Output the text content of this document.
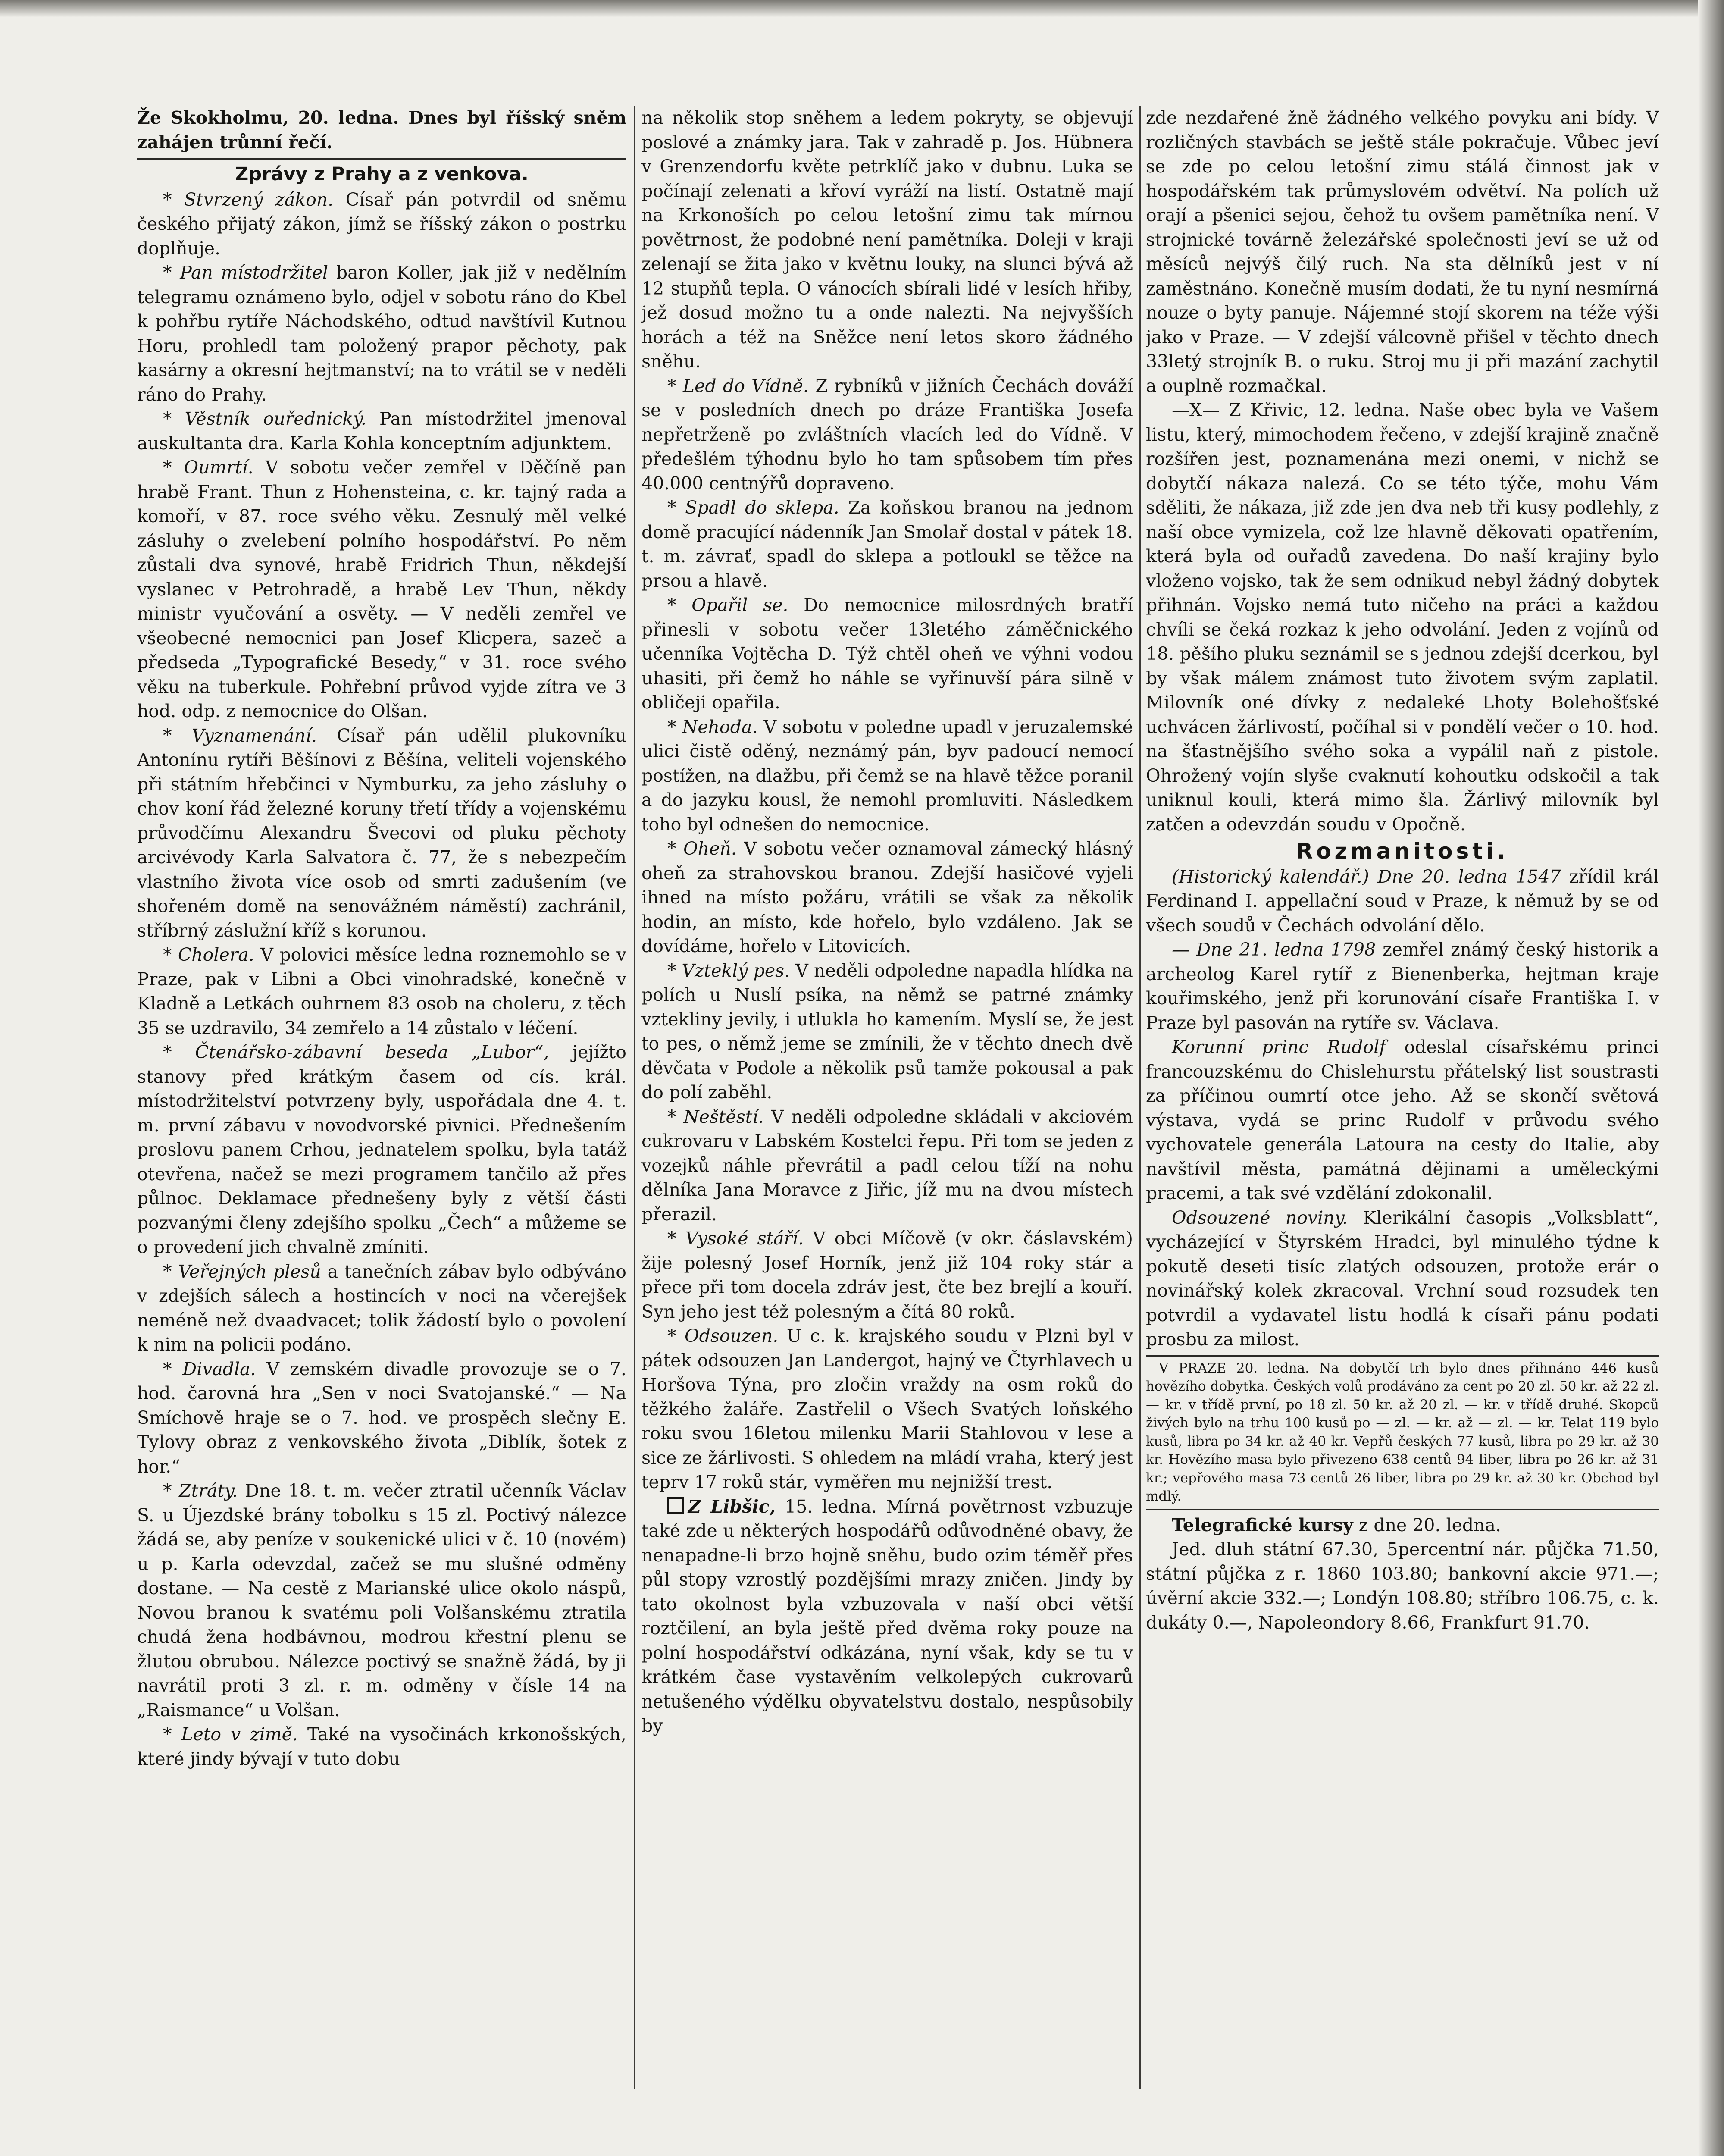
Že Skokholmu, 20. ledna. Dnes byl říšský sněm zahájen trůnní řečí.

Zprávy z Prahy a z venkova.

* Stvrzený zákon. Císař pán potvrdil od sněmu českého přijatý zákon, jímž se říšský zákon o postrku doplňuje.

* Pan místodržitel baron Koller, jak již v nedělním telegramu oznámeno bylo, odjel v sobotu ráno do Kbel k pohřbu rytíře Náchodského, odtud navštívil Kutnou Horu, prohledl tam položený prapor pěchoty, pak kasárny a okresní hejtmanství; na to vrátil se v neděli ráno do Prahy.

* Věstník ouřednický. Pan místodržitel jmenoval auskultanta dra. Karla Kohla konceptním adjunktem.

* Oumrtí. V sobotu večer zemřel v Děčíně pan hrabě Frant. Thun z Hohensteina, c. kr. tajný rada a komoří, v 87. roce svého věku. Zesnulý měl velké zásluhy o zvelebení polního hospodářství. Po něm zůstali dva synové, hrabě Fridrich Thun, někdejší vyslanec v Petrohradě, a hrabě Lev Thun, někdy ministr vyučování a osvěty. — V neděli zemřel ve všeobecné nemocnici pan Josef Klicpera, sazeč a předseda „Typografické Besedy,“ v 31. roce svého věku na tuberkule. Pohřební průvod vyjde zítra ve 3 hod. odp. z nemocnice do Olšan.

* Vyznamenání. Císař pán udělil plukovníku Antonínu rytíři Běšínovi z Běšína, veliteli vojenského při státním hřebčinci v Nymburku, za jeho zásluhy o chov koní řád železné koruny třetí třídy a vojenskému průvodčímu Alexandru Švecovi od pluku pěchoty arcivévody Karla Salvatora č. 77, že s nebezpečím vlastního života více osob od smrti zadušením (ve shořeném domě na senovážném náměstí) zachránil, stříbrný záslužní kříž s korunou.

* Cholera. V polovici měsíce ledna roznemohlo se v Praze, pak v Libni a Obci vinohradské, konečně v Kladně a Letkách ouhrnem 83 osob na choleru, z těch 35 se uzdravilo, 34 zemřelo a 14 zůstalo v léčení.

* Čtenářsko-zábavní beseda „Lubor“, jejížto stanovy před krátkým časem od cís. král. místodržitelství potvrzeny byly, uspořádala dne 4. t. m. první zábavu v novodvorské pivnici. Přednešením proslovu panem Crhou, jednatelem spolku, byla tatáž otevřena, načež se mezi programem tančilo až přes půlnoc. Deklamace přednešeny byly z větší části pozvanými členy zdejšího spolku „Čech“ a můžeme se o provedení jich chvalně zmíniti.

* Veřejných plesů a tanečních zábav bylo odbýváno v zdejších sálech a hostincích v noci na včerejšek neméně než dvaadvacet; tolik žádostí bylo o povolení k nim na policii podáno.

* Divadla. V zemském divadle provozuje se o 7. hod. čarovná hra „Sen v noci Svatojanské.“ — Na Smíchově hraje se o 7. hod. ve prospěch slečny E. Tylovy obraz z venkovského života „Diblík, šotek z hor.“

* Ztráty. Dne 18. t. m. večer ztratil učenník Václav S. u Újezdské brány tobolku s 15 zl. Poctivý nálezce žádá se, aby peníze v soukenické ulici v č. 10 (novém) u p. Karla odevzdal, začež se mu slušné odměny dostane. — Na cestě z Marianské ulice okolo náspů, Novou branou k svatému poli Volšanskému ztratila chudá žena hodbávnou, modrou křestní plenu se žlutou obrubou. Nálezce poctivý se snažně žádá, by ji navrátil proti 3 zl. r. m. odměny v čísle 14 na „Raismance“ u Volšan.

* Leto v zimě. Také na vysočinách krkonošských, které jindy bývají v tuto dobu

na několik stop sněhem a ledem pokryty, se objevují poslové a známky jara. Tak v zahradě p. Jos. Hübnera v Grenzendorfu květe petrklíč jako v dubnu. Luka se počínají zelenati a křoví vyráží na listí. Ostatně mají na Krkonoších po celou letošní zimu tak mírnou povětrnost, že podobné není pamětníka. Doleji v kraji zelenají se žita jako v květnu louky, na slunci bývá až 12 stupňů tepla. O vánocích sbírali lidé v lesích hřiby, jež dosud možno tu a onde nalezti. Na nejvyšších horách a též na Sněžce není letos skoro žádného sněhu.

* Led do Vídně. Z rybníků v jižních Čechách dováží se v posledních dnech po dráze Františka Josefa nepřetrženě po zvláštních vlacích led do Vídně. V předešlém týhodnu bylo ho tam spůsobem tím přes 40.000 centnýřů dopraveno.

* Spadl do sklepa. Za koňskou branou na jednom domě pracující nádenník Jan Smolař dostal v pátek 18. t. m. závrať, spadl do sklepa a potloukl se těžce na prsou a hlavě.

* Opařil se. Do nemocnice milosrdných bratří přinesli v sobotu večer 13letého záměčnického učenníka Vojtěcha D. Týž chtěl oheň ve výhni vodou uhasiti, při čemž ho náhle se vyřinuvší pára silně v obličeji opařila.

* Nehoda. V sobotu v poledne upadl v jeruzalemské ulici čistě oděný, neznámý pán, byv padoucí nemocí postížen, na dlažbu, při čemž se na hlavě těžce poranil a do jazyku kousl, že nemohl promluviti. Následkem toho byl odnešen do nemocnice.

* Oheň. V sobotu večer oznamoval zámecký hlásný oheň za strahovskou branou. Zdejší hasičové vyjeli ihned na místo požáru, vrátili se však za několik hodin, an místo, kde hořelo, bylo vzdáleno. Jak se dovídáme, hořelo v Litovicích.

* Vzteklý pes. V neděli odpoledne napadla hlídka na polích u Nuslí psíka, na němž se patrné známky vztekliny jevily, i utlukla ho kamením. Myslí se, že jest to pes, o němž jeme se zmínili, že v těchto dnech dvě děvčata v Podole a několik psů tamže pokousal a pak do polí zaběhl.

* Neštěstí. V neděli odpoledne skládali v akciovém cukrovaru v Labském Kostelci řepu. Při tom se jeden z vozejků náhle převrátil a padl celou tíží na nohu dělníka Jana Moravce z Jiřic, jíž mu na dvou místech přerazil.

* Vysoké stáří. V obci Míčově (v okr. čáslavském) žije polesný Josef Horník, jenž již 104 roky stár a přece při tom docela zdráv jest, čte bez brejlí a kouří. Syn jeho jest též polesným a čítá 80 roků.

* Odsouzen. U c. k. krajského soudu v Plzni byl v pátek odsouzen Jan Landergot, hajný ve Čtyrhlavech u Horšova Týna, pro zločin vraždy na osm roků do těžkého žaláře. Zastřelil o Všech Svatých loňského roku svou 16letou milenku Marii Stahlovou v lese a sice ze žárlivosti. S ohledem na mládí vraha, který jest teprv 17 roků stár, vyměřen mu nejnižší trest.

Z Libšic, 15. ledna. Mírná povětrnost vzbuzuje také zde u některých hospodářů odůvodněné obavy, že nenapadne-li brzo hojně sněhu, budo ozim téměř přes půl stopy vzrostlý pozdějšími mrazy zničen. Jindy by tato okolnost byla vzbuzovala v naší obci větší roztčilení, an byla ještě před dvěma roky pouze na polní hospodářství odkázána, nyní však, kdy se tu v krátkém čase vystavěním velkolepých cukrovarů netušeného výdělku obyvatelstvu dostalo, nespůsobily by

zde nezdařené žně žádného velkého povyku ani bídy. V rozličných stavbách se ještě stále pokračuje. Vůbec jeví se zde po celou letošní zimu stálá činnost jak v hospodářském tak průmyslovém odvětví. Na polích už orají a pšenici sejou, čehož tu ovšem pamětníka není. V strojnické továrně železářské společnosti jeví se už od měsíců nejvýš čilý ruch. Na sta dělníků jest v ní zaměstnáno. Konečně musím dodati, že tu nyní nesmírná nouze o byty panuje. Nájemné stojí skorem na téže výši jako v Praze. — V zdejší válcovně přišel v těchto dnech 33letý strojník B. o ruku. Stroj mu ji při mazání zachytil a ouplně rozmačkal.

—X— Z Křivic, 12. ledna. Naše obec byla ve Vašem listu, který, mimochodem řečeno, v zdejší krajině značně rozšířen jest, poznamenána mezi onemi, v nichž se dobytčí nákaza nalezá. Co se této týče, mohu Vám sděliti, že nákaza, již zde jen dva neb tři kusy podlehly, z naší obce vymizela, což lze hlavně děkovati opatřením, která byla od ouřadů zavedena. Do naší krajiny bylo vloženo vojsko, tak že sem odnikud nebyl žádný dobytek přihnán. Vojsko nemá tuto ničeho na práci a každou chvíli se čeká rozkaz k jeho odvolání. Jeden z vojínů od 18. pěšího pluku seznámil se s jednou zdejší dcerkou, byl by však málem známost tuto životem svým zaplatil. Milovník oné dívky z nedaleké Lhoty Bolehošťské uchvácen žárlivostí, počíhal si v pondělí večer o 10. hod. na šťastnějšího svého soka a vypálil naň z pistole. Ohrožený vojín slyše cvaknutí kohoutku odskočil a tak uniknul kouli, která mimo šla. Žárlivý milovník byl zatčen a odevzdán soudu v Opočně.

Rozmanitosti.

(Historický kalendář.) Dne 20. ledna 1547 zřídil král Ferdinand I. appellační soud v Praze, k němuž by se od všech soudů v Čechách odvolání dělo.

— Dne 21. ledna 1798 zemřel známý český historik a archeolog Karel rytíř z Bienenberka, hejtman kraje kouřimského, jenž při korunování císaře Františka I. v Praze byl pasován na rytíře sv. Václava.

Korunní princ Rudolf odeslal císařskému princi francouzskému do Chislehurstu přátelský list soustrasti za příčinou oumrtí otce jeho. Až se skončí světová výstava, vydá se princ Rudolf v průvodu svého vychovatele generála Latoura na cesty do Italie, aby navštívil města, památná dějinami a uměleckými pracemi, a tak své vzdělání zdokonalil.

Odsouzené noviny. Klerikální časopis „Volksblatt“, vycházející v Štyrském Hradci, byl minulého týdne k pokutě deseti tisíc zlatých odsouzen, protože erár o novinářský kolek zkracoval. Vrchní soud rozsudek ten potvrdil a vydavatel listu hodlá k císaři pánu podati prosbu za milost.

V PRAZE 20. ledna. Na dobytčí trh bylo dnes přihnáno 446 kusů hovězího dobytka. Českých volů prodáváno za cent po 20 zl. 50 kr. až 22 zl. — kr. v třídě první, po 18 zl. 50 kr. až 20 zl. — kr. v třídě druhé. Skopců živých bylo na trhu 100 kusů po — zl. — kr. až — zl. — kr. Telat 119 bylo kusů, libra po 34 kr. až 40 kr. Vepřů českých 77 kusů, libra po 29 kr. až 30 kr. Hovězího masa bylo přivezeno 638 centů 94 liber, libra po 26 kr. až 31 kr.; vepřového masa 73 centů 26 liber, libra po 29 kr. až 30 kr. Obchod byl mdlý.

Telegrafické kursy z dne 20. ledna.

Jed. dluh státní 67.30, 5percentní nár. půjčka 71.50, státní půjčka z r. 1860 103.80; bankovní akcie 971.—; úvěrní akcie 332.—; Londýn 108.80; stříbro 106.75, c. k. dukáty 0.—, Napoleondory 8.66, Frankfurt 91.70.
